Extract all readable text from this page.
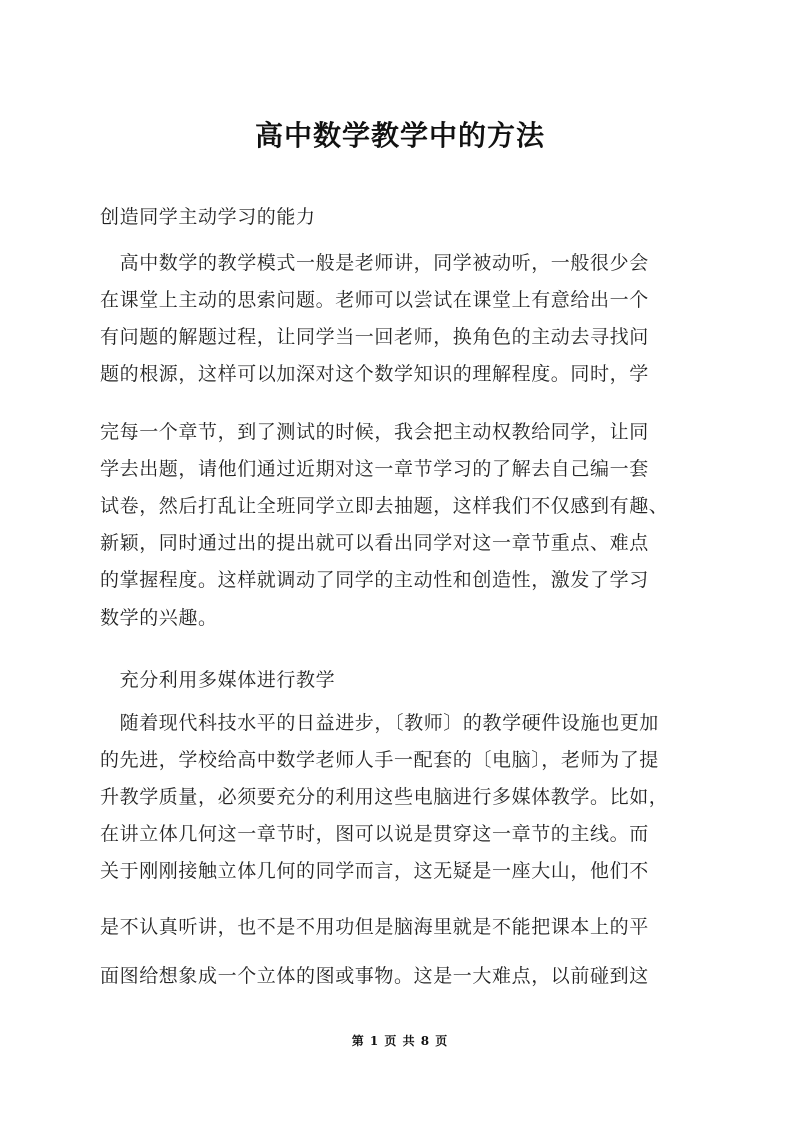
高中数学教学中的方法
创造同学主动学习的能力
　高中数学的教学模式一般是老师讲，同学被动听，一般很少会
在课堂上主动的思索问题。老师可以尝试在课堂上有意给出一个
有问题的解题过程，让同学当一回老师，换角色的主动去寻找问
题的根源，这样可以加深对这个数学知识的理解程度。同时，学
完每一个章节，到了测试的时候，我会把主动权教给同学，让同
学去出题，请他们通过近期对这一章节学习的了解去自己编一套
试卷，然后打乱让全班同学立即去抽题，这样我们不仅感到有趣、
新颖，同时通过出的提出就可以看出同学对这一章节重点、难点
的掌握程度。这样就调动了同学的主动性和创造性，激发了学习
数学的兴趣。
　充分利用多媒体进行教学
　随着现代科技水平的日益进步，〔教师〕的教学硬件设施也更加
的先进，学校给高中数学老师人手一配套的〔电脑〕，老师为了提
升教学质量，必须要充分的利用这些电脑进行多媒体教学。比如，
在讲立体几何这一章节时，图可以说是贯穿这一章节的主线。而
关于刚刚接触立体几何的同学而言，这无疑是一座大山，他们不
是不认真听讲，也不是不用功但是脑海里就是不能把课本上的平
面图给想象成一个立体的图或事物。这是一大难点，以前碰到这
第 1 页 共 8 页
